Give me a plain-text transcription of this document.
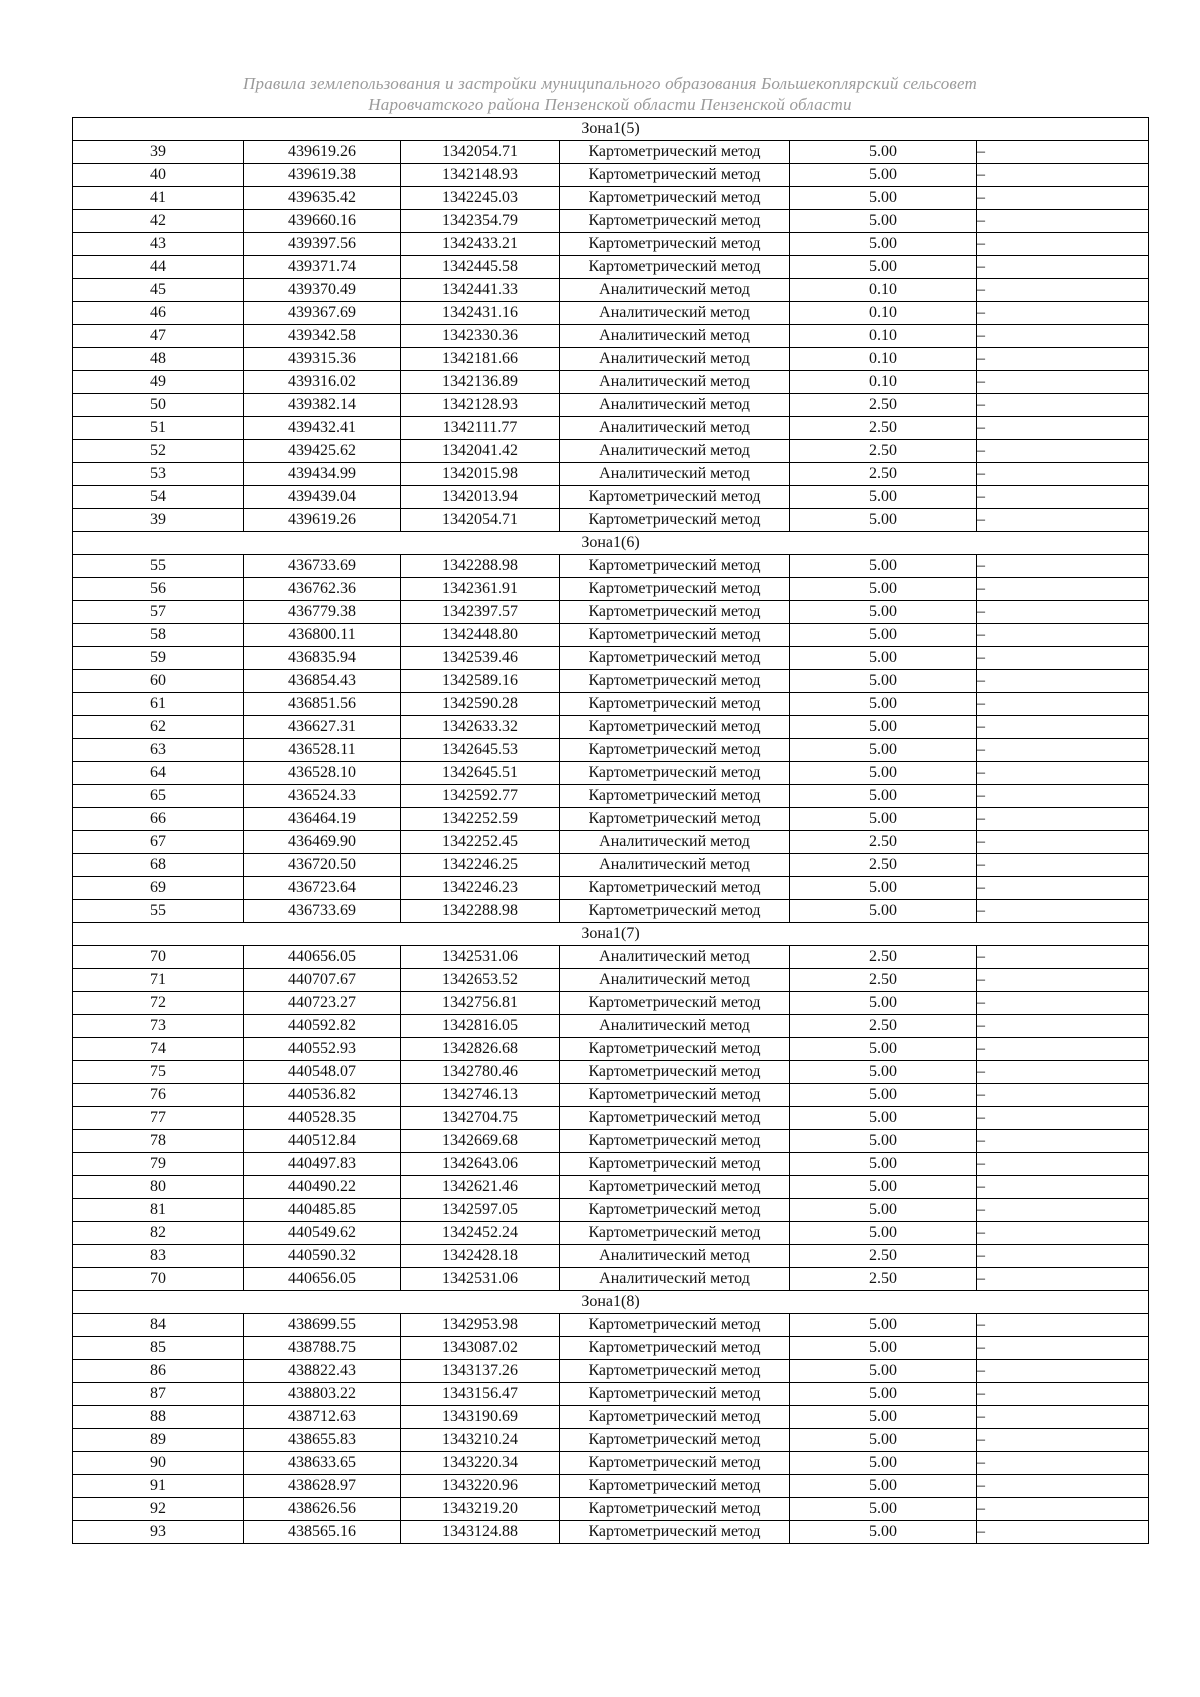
Правила землепользования и застройки муниципального образования Большекоплярский сельсовет
Наровчатского района Пензенской области Пензенской области
Зона1(5)					
39	439619.26	1342054.71	Картометрический метод	5.00	–
40	439619.38	1342148.93	Картометрический метод	5.00	–
41	439635.42	1342245.03	Картометрический метод	5.00	–
42	439660.16	1342354.79	Картометрический метод	5.00	–
43	439397.56	1342433.21	Картометрический метод	5.00	–
44	439371.74	1342445.58	Картометрический метод	5.00	–
45	439370.49	1342441.33	Аналитический метод	0.10	–
46	439367.69	1342431.16	Аналитический метод	0.10	–
47	439342.58	1342330.36	Аналитический метод	0.10	–
48	439315.36	1342181.66	Аналитический метод	0.10	–
49	439316.02	1342136.89	Аналитический метод	0.10	–
50	439382.14	1342128.93	Аналитический метод	2.50	–
51	439432.41	1342111.77	Аналитический метод	2.50	–
52	439425.62	1342041.42	Аналитический метод	2.50	–
53	439434.99	1342015.98	Аналитический метод	2.50	–
54	439439.04	1342013.94	Картометрический метод	5.00	–
39	439619.26	1342054.71	Картометрический метод	5.00	–
Зона1(6)					
55	436733.69	1342288.98	Картометрический метод	5.00	–
56	436762.36	1342361.91	Картометрический метод	5.00	–
57	436779.38	1342397.57	Картометрический метод	5.00	–
58	436800.11	1342448.80	Картометрический метод	5.00	–
59	436835.94	1342539.46	Картометрический метод	5.00	–
60	436854.43	1342589.16	Картометрический метод	5.00	–
61	436851.56	1342590.28	Картометрический метод	5.00	–
62	436627.31	1342633.32	Картометрический метод	5.00	–
63	436528.11	1342645.53	Картометрический метод	5.00	–
64	436528.10	1342645.51	Картометрический метод	5.00	–
65	436524.33	1342592.77	Картометрический метод	5.00	–
66	436464.19	1342252.59	Картометрический метод	5.00	–
67	436469.90	1342252.45	Аналитический метод	2.50	–
68	436720.50	1342246.25	Аналитический метод	2.50	–
69	436723.64	1342246.23	Картометрический метод	5.00	–
55	436733.69	1342288.98	Картометрический метод	5.00	–
Зона1(7)					
70	440656.05	1342531.06	Аналитический метод	2.50	–
71	440707.67	1342653.52	Аналитический метод	2.50	–
72	440723.27	1342756.81	Картометрический метод	5.00	–
73	440592.82	1342816.05	Аналитический метод	2.50	–
74	440552.93	1342826.68	Картометрический метод	5.00	–
75	440548.07	1342780.46	Картометрический метод	5.00	–
76	440536.82	1342746.13	Картометрический метод	5.00	–
77	440528.35	1342704.75	Картометрический метод	5.00	–
78	440512.84	1342669.68	Картометрический метод	5.00	–
79	440497.83	1342643.06	Картометрический метод	5.00	–
80	440490.22	1342621.46	Картометрический метод	5.00	–
81	440485.85	1342597.05	Картометрический метод	5.00	–
82	440549.62	1342452.24	Картометрический метод	5.00	–
83	440590.32	1342428.18	Аналитический метод	2.50	–
70	440656.05	1342531.06	Аналитический метод	2.50	–
Зона1(8)					
84	438699.55	1342953.98	Картометрический метод	5.00	–
85	438788.75	1343087.02	Картометрический метод	5.00	–
86	438822.43	1343137.26	Картометрический метод	5.00	–
87	438803.22	1343156.47	Картометрический метод	5.00	–
88	438712.63	1343190.69	Картометрический метод	5.00	–
89	438655.83	1343210.24	Картометрический метод	5.00	–
90	438633.65	1343220.34	Картометрический метод	5.00	–
91	438628.97	1343220.96	Картометрический метод	5.00	–
92	438626.56	1343219.20	Картометрический метод	5.00	–
93	438565.16	1343124.88	Картометрический метод	5.00	–
